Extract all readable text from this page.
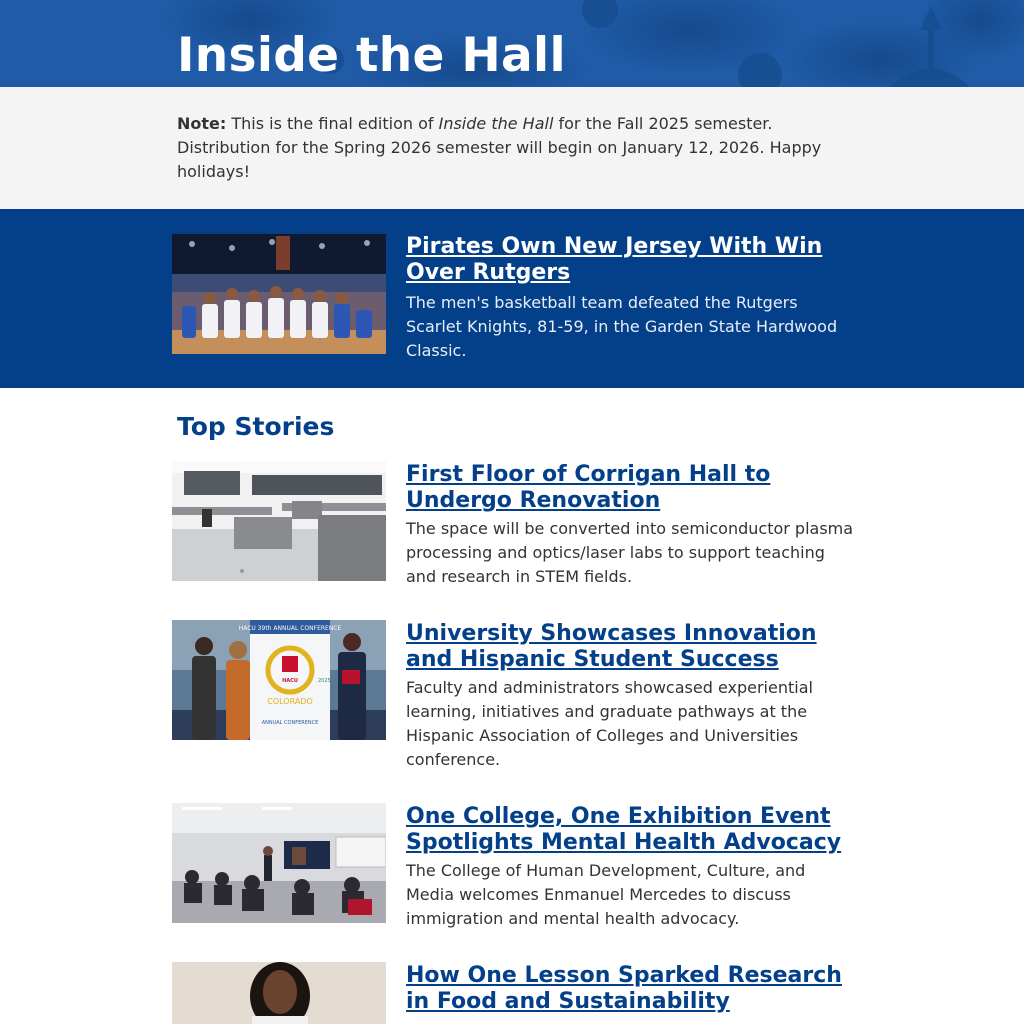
Inside the Hall
Note: This is the final edition of Inside the Hall for the Fall 2025 semester. Distribution for the Spring 2026 semester will begin on January 12, 2026. Happy holidays!
Pirates Own New Jersey With Win Over Rutgers

The men's basketball team defeated the Rutgers Scarlet Knights, 81-59, in the Garden State Hardwood Classic.

Top Stories
First Floor of Corrigan Hall to Undergo Renovation

The space will be converted into semiconductor plasma processing and optics/laser labs to support teaching and research in STEM fields.

HACU 39th ANNUAL CONFERENCE
HACU
COLORADO
2025
ANNUAL CONFERENCE
University Showcases Innovation and Hispanic Student Success

Faculty and administrators showcased experiential learning, initiatives and graduate pathways at the Hispanic Association of Colleges and Universities conference.

One College, One Exhibition Event Spotlights Mental Health Advocacy

The College of Human Development, Culture, and Media welcomes Enmanuel Mercedes to discuss immigration and mental health advocacy.

How One Lesson Sparked Research in Food and Sustainability
